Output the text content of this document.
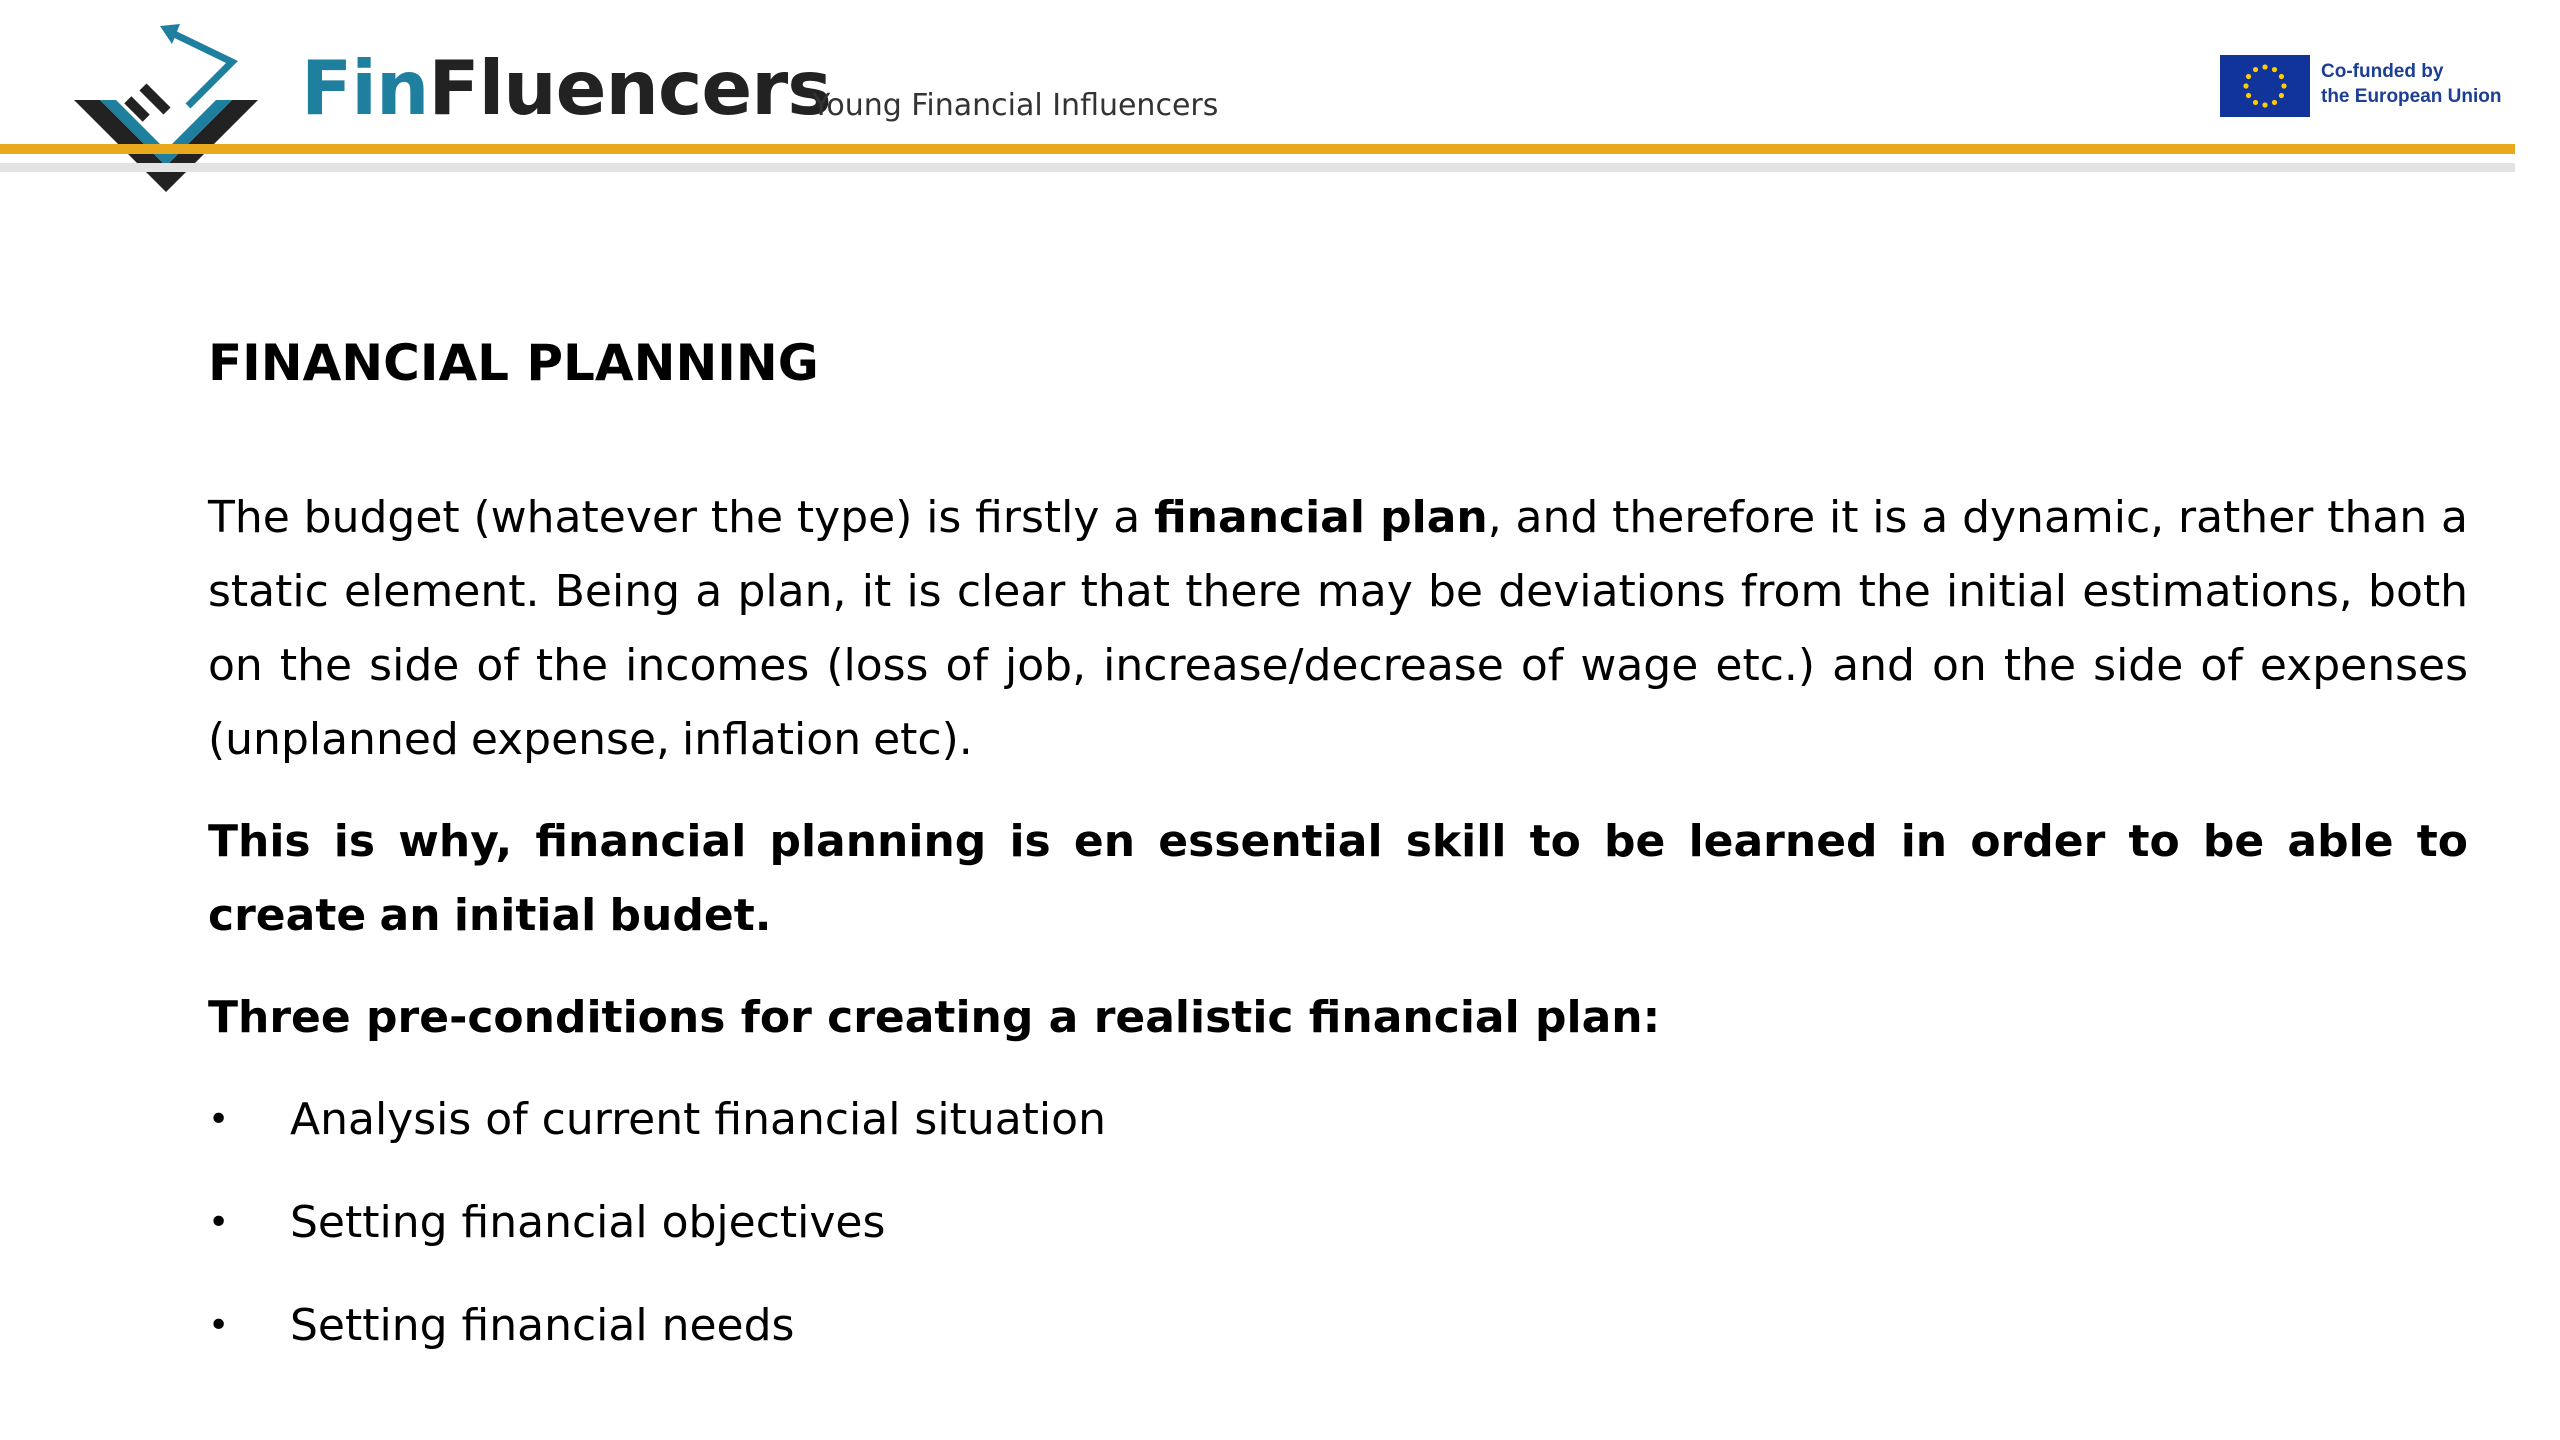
FinFluencers
Young Financial Influencers
Co-funded by
the European Union
FINANCIAL PLANNING

The budget (whatever the type) is firstly a financial plan, and therefore it is a dynamic, rather than a static element. Being a plan, it is clear that there may be deviations from the initial estimations, both on the side of the incomes (loss of job, increase/decrease of wage etc.) and on the side of expenses (unplanned expense, inflation etc).

This is why, financial planning is en essential skill to be learned in order to be able to create an initial budet.

Three pre-conditions for creating a realistic financial plan:

•	Analysis of current financial situation
•	Setting financial objectives
•	Setting financial needs
